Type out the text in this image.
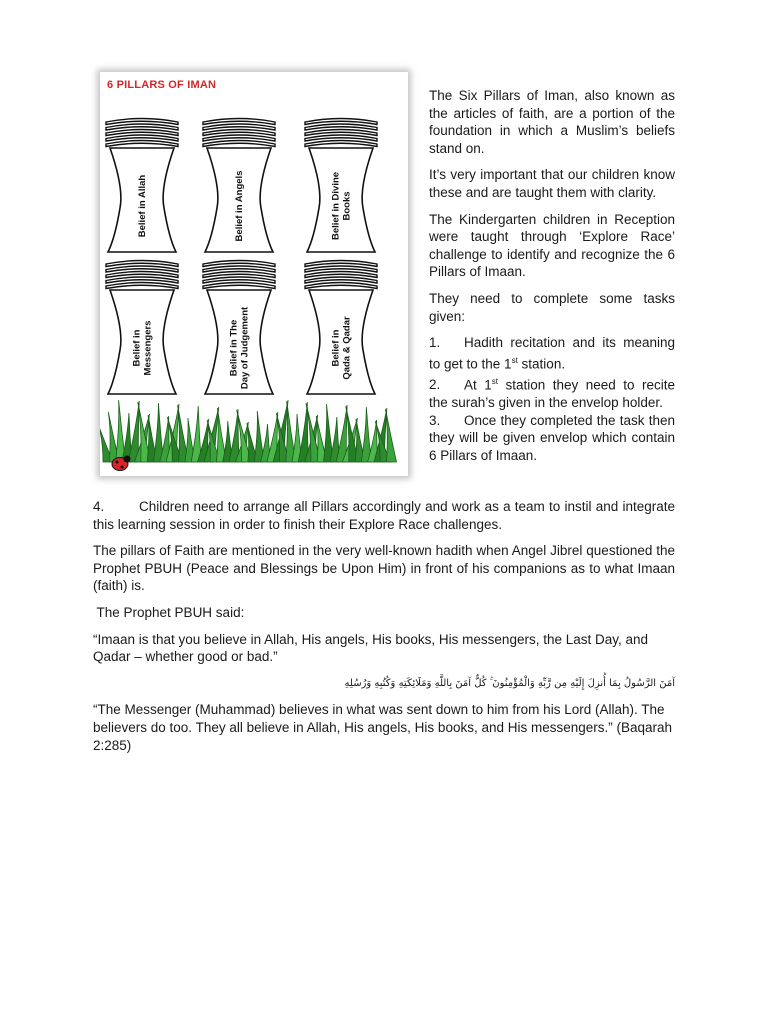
6 PILLARS OF IMAN
Belief in Allah	Belief in Angels	Belief in DivineBooks
Belief inMessengers	Belief in TheDay of Judgement	Belief inQada & Qadar

The Six Pillars of Iman, also known as the articles of faith, are a portion of the foundation in which a Muslim’s beliefs stand on.

It’s very important that our children know these and are taught them with clarity.

The Kindergarten children in Reception were taught through ‘Explore Race’ challenge to identify and recognize the 6 Pillars of Imaan.

They need to complete some tasks given:

1. Hadith recitation and its meaning to get to the 1st station.

2. At 1st station they need to recite the surah’s given in the envelop holder.

3. Once they completed the task then they will be given envelop which contain 6 Pillars of Imaan.

4.	Children need to arrange all Pillars accordingly and work as a team to instil and integrate this learning session in order to finish their Explore Race challenges.

The pillars of Faith are mentioned in the very well-known hadith when Angel Jibrel questioned the Prophet PBUH (Peace and Blessings be Upon Him) in front of his companions as to what Imaan (faith) is.

The Prophet PBUH said:

“Imaan is that you believe in Allah, His angels, His books, His messengers, the Last Day, and Qadar – whether good or bad.”

آمَنَ الرَّسُولُ بِمَا أُنزِلَ إِلَيْهِ مِن رَّبِّهِ وَالْمُؤْمِنُونَ ۚ كُلٌّ آمَنَ بِاللَّهِ وَمَلَائِكَتِهِ وَكُتُبِهِ وَرُسُلِهِ

“The Messenger (Muhammad) believes in what was sent down to him from his Lord (Allah). The believers do too. They all believe in Allah, His angels, His books, and His messengers.” (Baqarah 2:285)
